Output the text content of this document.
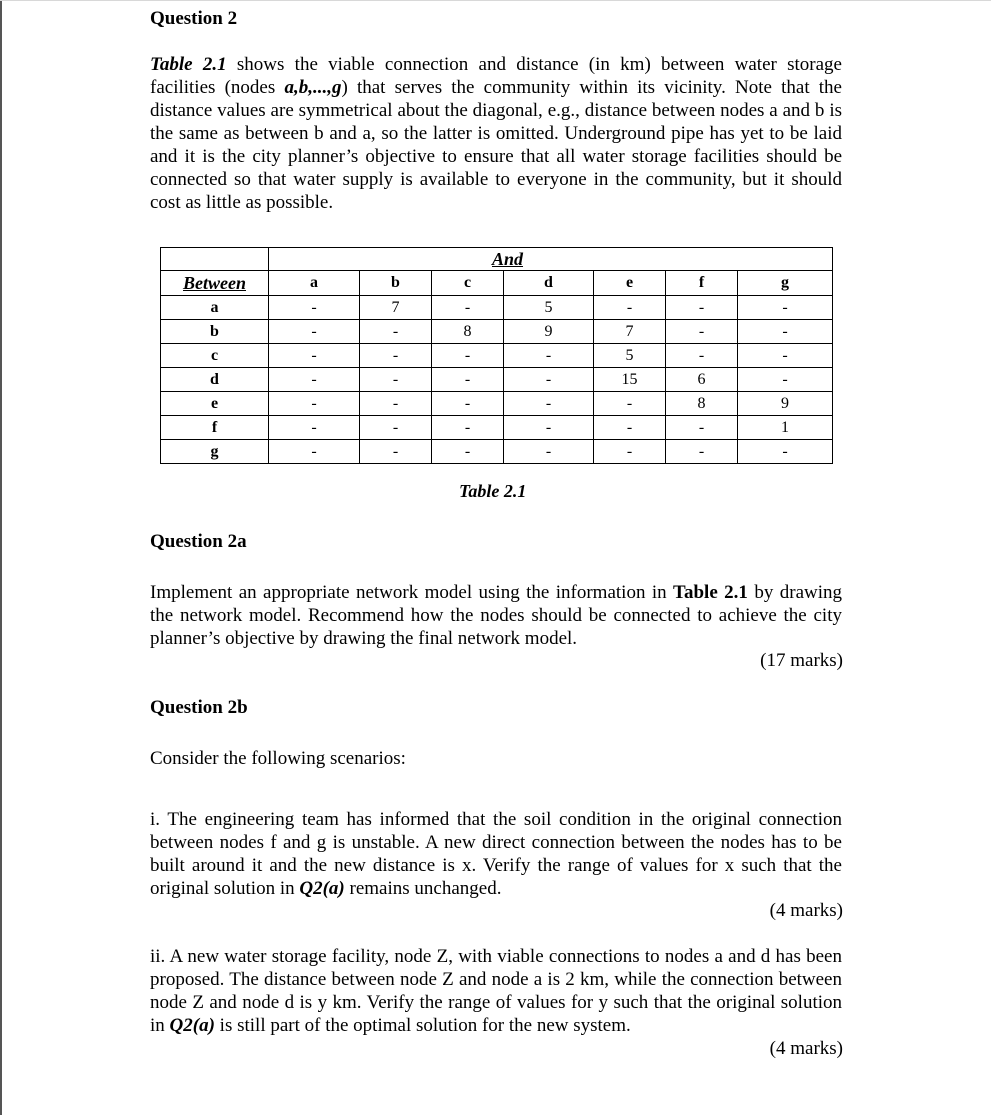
Question 2
Table 2.1 shows the viable connection and distance (in km) between water storage facilities (nodes a,b,...,g) that serves the community within its vicinity. Note that the distance values are symmetrical about the diagonal, e.g., distance between nodes a and b is the same as between b and a, so the latter is omitted. Underground pipe has yet to be laid and it is the city planner’s objective to ensure that all water storage facilities should be connected so that water supply is available to everyone in the community, but it should cost as little as possible.
	And						
Between	a	b	c	d	e	f	g
a	-	7	-	5	-	-	-
b	-	-	8	9	7	-	-
c	-	-	-	-	5	-	-
d	-	-	-	-	15	6	-
e	-	-	-	-	-	8	9
f	-	-	-	-	-	-	1
g	-	-	-	-	-	-	-
Table 2.1
Question 2a
Implement an appropriate network model using the information in Table 2.1 by drawing the network model. Recommend how the nodes should be connected to achieve the city planner’s objective by drawing the final network model.
(17 marks)
Question 2b
Consider the following scenarios:
i. The engineering team has informed that the soil condition in the original connection between nodes f and g is unstable. A new direct connection between the nodes has to be built around it and the new distance is x. Verify the range of values for x such that the original solution in Q2(a) remains unchanged.
(4 marks)
ii. A new water storage facility, node Z, with viable connections to nodes a and d has been proposed. The distance between node Z and node a is 2 km, while the connection between node Z and node d is y km. Verify the range of values for y such that the original solution in Q2(a) is still part of the optimal solution for the new system.
(4 marks)
